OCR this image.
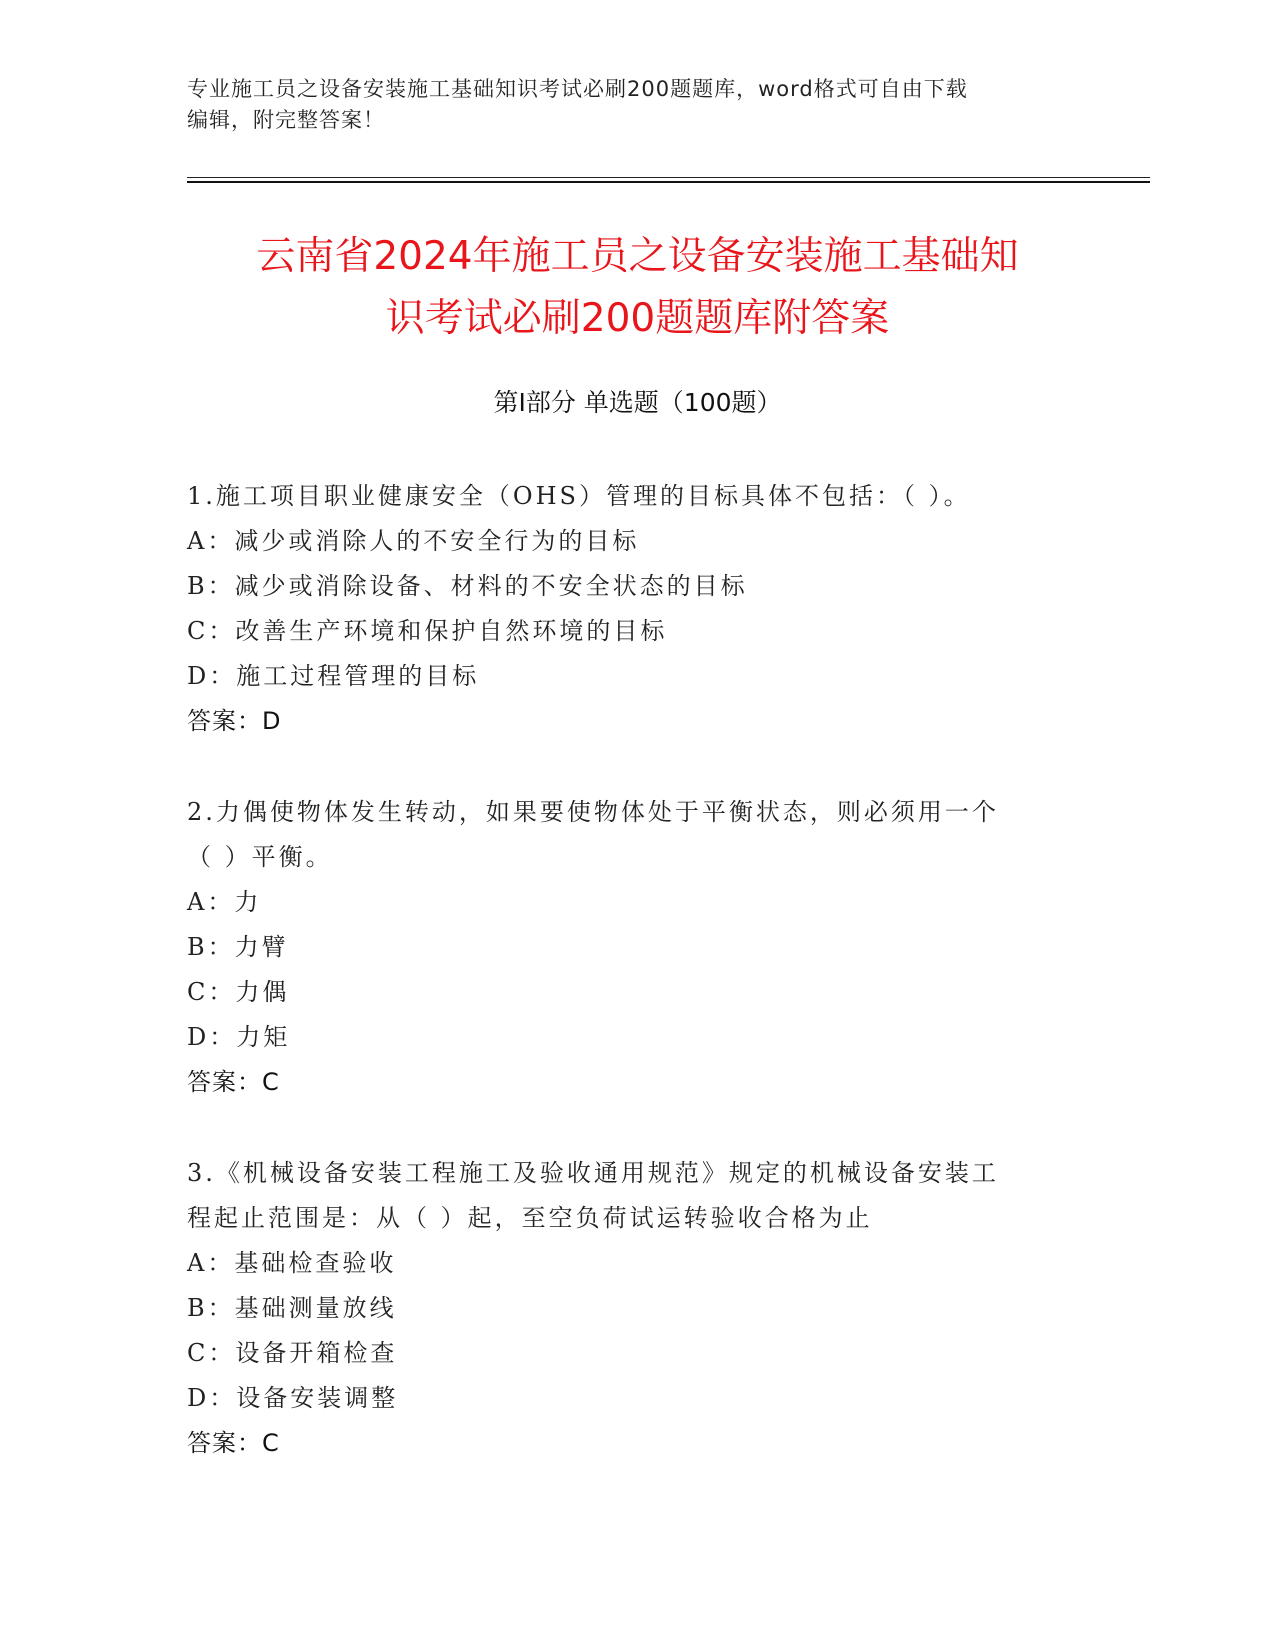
专业施工员之设备安装施工基础知识考试必刷200题题库，word格式可自由下载
编辑，附完整答案！
云南省2024年施工员之设备安装施工基础知
识考试必刷200题题库附答案
第Ⅰ部分 单选题（100题）
1.施工项目职业健康安全（OHS）管理的目标具体不包括：（ ）。
A：减少或消除人的不安全行为的目标
B：减少或消除设备、材料的不安全状态的目标
C：改善生产环境和保护自然环境的目标
D：施工过程管理的目标
答案：D
2.力偶使物体发生转动，如果要使物体处于平衡状态，则必须用一个
（ ）平衡。
A：力
B：力臂
C：力偶
D：力矩
答案：C
3.《机械设备安装工程施工及验收通用规范》规定的机械设备安装工
程起止范围是：从（ ）起，至空负荷试运转验收合格为止
A：基础检查验收
B：基础测量放线
C：设备开箱检查
D：设备安装调整
答案：C
